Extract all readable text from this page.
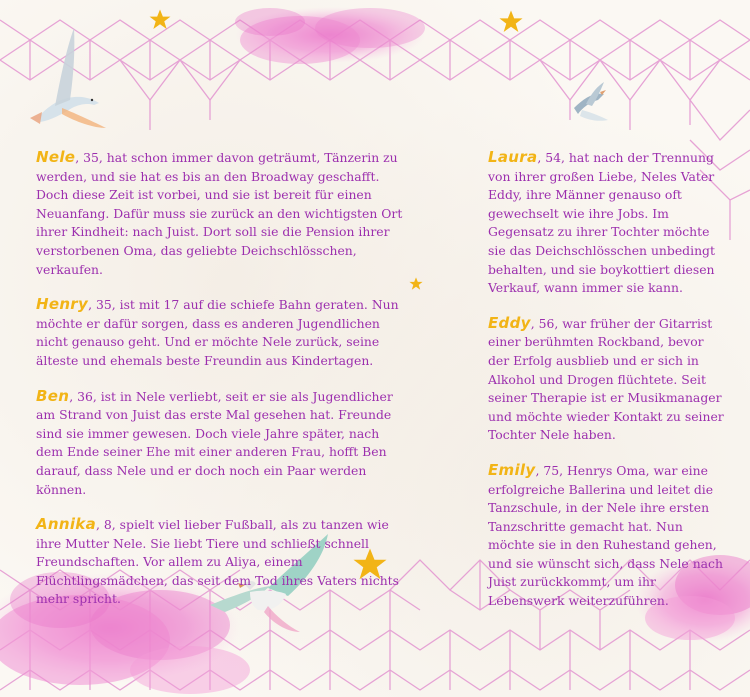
Nele, 35, hat schon immer davon geträumt, Tänzerin zu werden, und sie hat es bis an den Broadway geschafft. Doch diese Zeit ist vorbei, und sie ist bereit für einen Neuanfang. Dafür muss sie zurück an den wichtigsten Ort ihrer Kindheit: nach Juist. Dort soll sie die Pension ihrer verstorbenen Oma, das geliebte Deichschlösschen, verkaufen.

Henry, 35, ist mit 17 auf die schiefe Bahn geraten. Nun möchte er dafür sorgen, dass es anderen Jugendlichen nicht genauso geht. Und er möchte Nele zurück, seine älteste und ehemals beste Freundin aus Kindertagen.

Ben, 36, ist in Nele verliebt, seit er sie als Jugendlicher am Strand von Juist das erste Mal gesehen hat. Freunde sind sie immer gewesen. Doch viele Jahre später, nach dem Ende seiner Ehe mit einer anderen Frau, hofft Ben darauf, dass Nele und er doch noch ein Paar werden können.

Annika, 8, spielt viel lieber Fußball, als zu tanzen wie ihre Mutter Nele. Sie liebt Tiere und schließt schnell Freundschaften. Vor allem zu Aliya, einem Flüchtlingsmädchen, das seit dem Tod ihres Vaters nichts mehr spricht.

Laura, 54, hat nach der Trennung von ihrer großen Liebe, Neles Vater Eddy, ihre Männer genauso oft gewechselt wie ihre Jobs. Im Gegensatz zu ihrer Tochter möchte sie das Deichschlösschen unbedingt behalten, und sie boykottiert diesen Verkauf, wann immer sie kann.

Eddy, 56, war früher der Gitarrist einer berühmten Rockband, bevor der Erfolg ausblieb und er sich in Alkohol und Drogen flüchtete. Seit seiner Therapie ist er Musikmanager und möchte wieder Kontakt zu seiner Tochter Nele haben.

Emily, 75, Henrys Oma, war eine erfolgreiche Ballerina und leitet die Tanzschule, in der Nele ihre ersten Tanzschritte gemacht hat. Nun möchte sie in den Ruhestand gehen, und sie wünscht sich, dass Nele nach Juist zurückkommt, um ihr Lebenswerk weiterzuführen.
